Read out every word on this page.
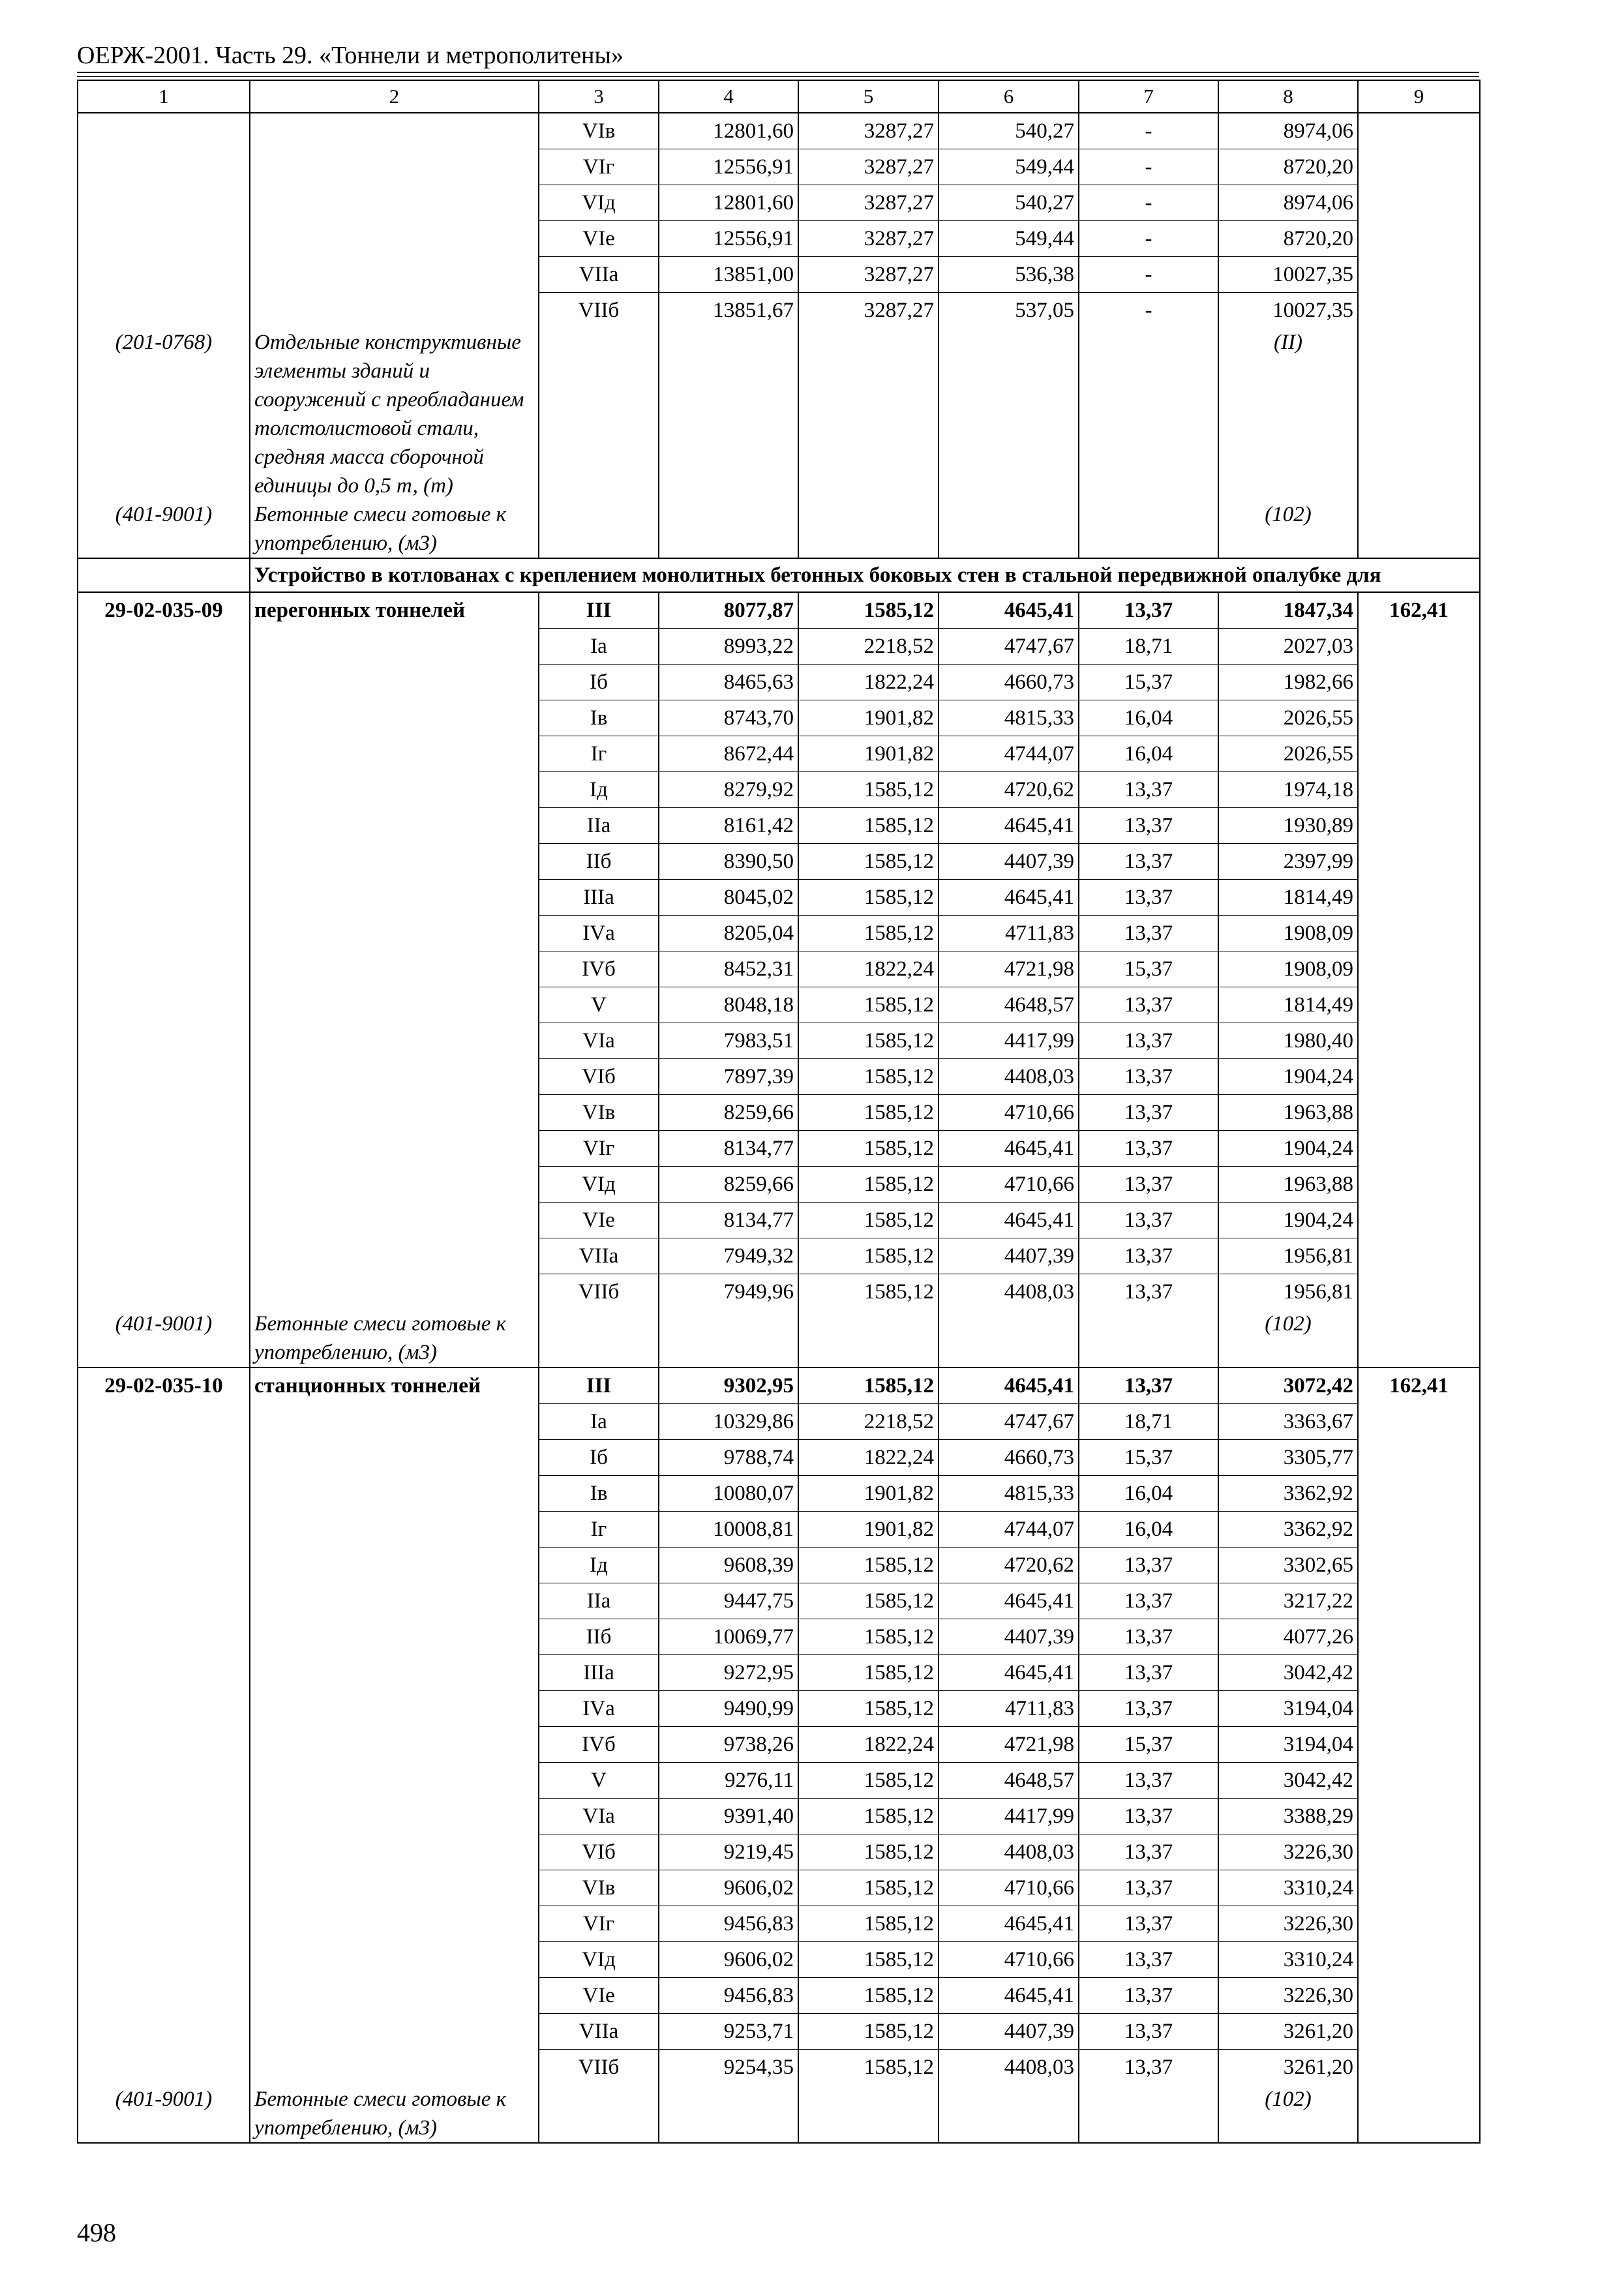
ОЕРЖ-2001. Часть 29. «Тоннели и метрополитены»
1	2	3	4	5	6	7	8	9
		VIв	12801,60	3287,27	540,27	-	8974,06	
		VIг	12556,91	3287,27	549,44	-	8720,20	
		VIд	12801,60	3287,27	540,27	-	8974,06	
		VIе	12556,91	3287,27	549,44	-	8720,20	
		VIIа	13851,00	3287,27	536,38	-	10027,35	
		VIIб	13851,67	3287,27	537,05	-	10027,35	
(201-0768)	Отдельные конструктивные элементы зданий и сооружений с преобладанием толстолистовой стали, средняя масса сборочной единицы до 0,5 т, (т)						(II)	
(401-9001)	Бетонные смеси готовые к употреблению, (м3)						(102)	
	Устройство в котлованах с креплением монолитных бетонных боковых стен в стальной передвижной опалубке для							
29-02-035-09	перегонных тоннелей	III	8077,87	1585,12	4645,41	13,37	1847,34	162,41
		Iа	8993,22	2218,52	4747,67	18,71	2027,03	
		Iб	8465,63	1822,24	4660,73	15,37	1982,66	
		Iв	8743,70	1901,82	4815,33	16,04	2026,55	
		Iг	8672,44	1901,82	4744,07	16,04	2026,55	
		Iд	8279,92	1585,12	4720,62	13,37	1974,18	
		IIа	8161,42	1585,12	4645,41	13,37	1930,89	
		IIб	8390,50	1585,12	4407,39	13,37	2397,99	
		IIIа	8045,02	1585,12	4645,41	13,37	1814,49	
		IVа	8205,04	1585,12	4711,83	13,37	1908,09	
		IVб	8452,31	1822,24	4721,98	15,37	1908,09	
		V	8048,18	1585,12	4648,57	13,37	1814,49	
		VIа	7983,51	1585,12	4417,99	13,37	1980,40	
		VIб	7897,39	1585,12	4408,03	13,37	1904,24	
		VIв	8259,66	1585,12	4710,66	13,37	1963,88	
		VIг	8134,77	1585,12	4645,41	13,37	1904,24	
		VIд	8259,66	1585,12	4710,66	13,37	1963,88	
		VIе	8134,77	1585,12	4645,41	13,37	1904,24	
		VIIа	7949,32	1585,12	4407,39	13,37	1956,81	
		VIIб	7949,96	1585,12	4408,03	13,37	1956,81	
(401-9001)	Бетонные смеси готовые к употреблению, (м3)						(102)	
29-02-035-10	станционных тоннелей	III	9302,95	1585,12	4645,41	13,37	3072,42	162,41
		Iа	10329,86	2218,52	4747,67	18,71	3363,67	
		Iб	9788,74	1822,24	4660,73	15,37	3305,77	
		Iв	10080,07	1901,82	4815,33	16,04	3362,92	
		Iг	10008,81	1901,82	4744,07	16,04	3362,92	
		Iд	9608,39	1585,12	4720,62	13,37	3302,65	
		IIа	9447,75	1585,12	4645,41	13,37	3217,22	
		IIб	10069,77	1585,12	4407,39	13,37	4077,26	
		IIIа	9272,95	1585,12	4645,41	13,37	3042,42	
		IVа	9490,99	1585,12	4711,83	13,37	3194,04	
		IVб	9738,26	1822,24	4721,98	15,37	3194,04	
		V	9276,11	1585,12	4648,57	13,37	3042,42	
		VIа	9391,40	1585,12	4417,99	13,37	3388,29	
		VIб	9219,45	1585,12	4408,03	13,37	3226,30	
		VIв	9606,02	1585,12	4710,66	13,37	3310,24	
		VIг	9456,83	1585,12	4645,41	13,37	3226,30	
		VIд	9606,02	1585,12	4710,66	13,37	3310,24	
		VIе	9456,83	1585,12	4645,41	13,37	3226,30	
		VIIа	9253,71	1585,12	4407,39	13,37	3261,20	
		VIIб	9254,35	1585,12	4408,03	13,37	3261,20	
(401-9001)	Бетонные смеси готовые к употреблению, (м3)						(102)	
498
